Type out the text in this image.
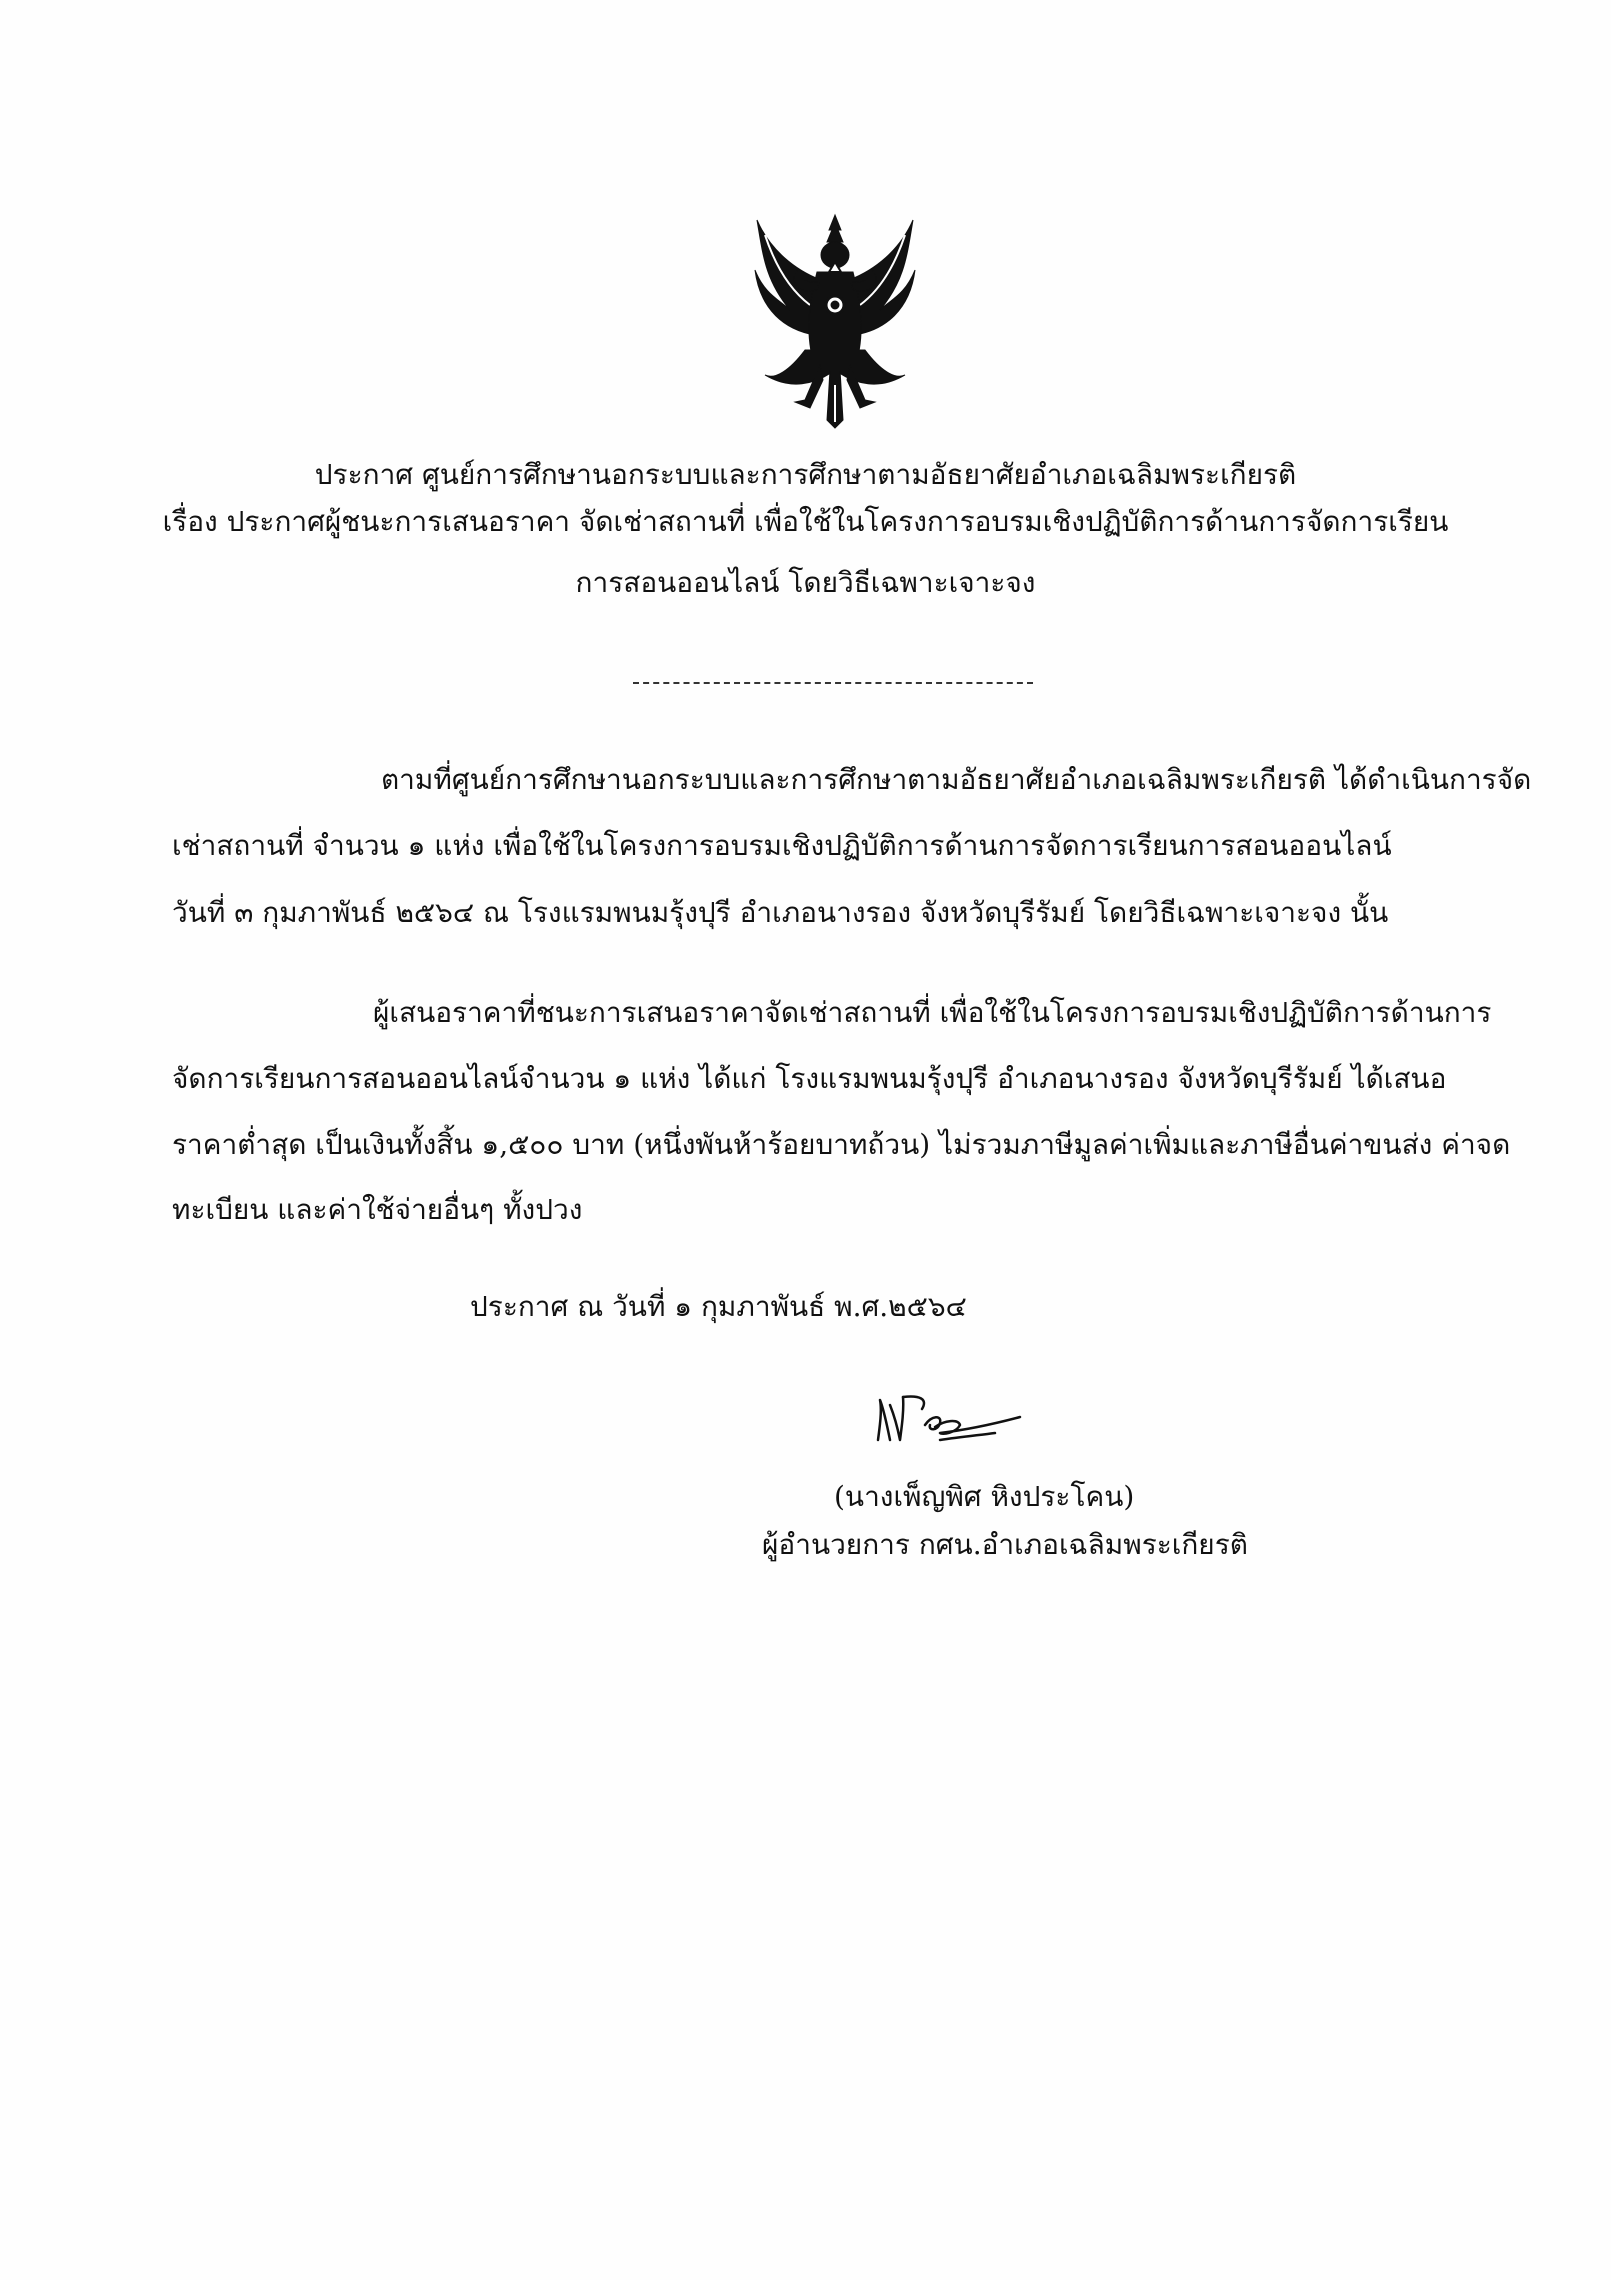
ประกาศ ศูนย์การศึกษานอกระบบและการศึกษาตามอัธยาศัยอำเภอเฉลิมพระเกียรติ
เรื่อง ประกาศผู้ชนะการเสนอราคา จัดเช่าสถานที่ เพื่อใช้ในโครงการอบรมเชิงปฏิบัติการด้านการจัดการเรียน
การสอนออนไลน์ โดยวิธีเฉพาะเจาะจง
ตามที่ศูนย์การศึกษานอกระบบและการศึกษาตามอัธยาศัยอำเภอเฉลิมพระเกียรติ ได้ดำเนินการจัด
เช่าสถานที่ จำนวน ๑ แห่ง เพื่อใช้ในโครงการอบรมเชิงปฏิบัติการด้านการจัดการเรียนการสอนออนไลน์
วันที่ ๓ กุมภาพันธ์ ๒๕๖๔ ณ โรงแรมพนมรุ้งปุรี อำเภอนางรอง จังหวัดบุรีรัมย์ โดยวิธีเฉพาะเจาะจง นั้น
ผู้เสนอราคาที่ชนะการเสนอราคาจัดเช่าสถานที่ เพื่อใช้ในโครงการอบรมเชิงปฏิบัติการด้านการ
จัดการเรียนการสอนออนไลน์จำนวน ๑ แห่ง ได้แก่ โรงแรมพนมรุ้งปุรี อำเภอนางรอง จังหวัดบุรีรัมย์ ได้เสนอ
ราคาต่ำสุด เป็นเงินทั้งสิ้น ๑,๕๐๐ บาท (หนึ่งพันห้าร้อยบาทถ้วน) ไม่รวมภาษีมูลค่าเพิ่มและภาษีอื่นค่าขนส่ง ค่าจด
ทะเบียน และค่าใช้จ่ายอื่นๆ ทั้งปวง
ประกาศ ณ วันที่ ๑ กุมภาพันธ์ พ.ศ.๒๕๖๔
(นางเพ็ญพิศ หิงประโคน)
ผู้อำนวยการ กศน.อำเภอเฉลิมพระเกียรติ
